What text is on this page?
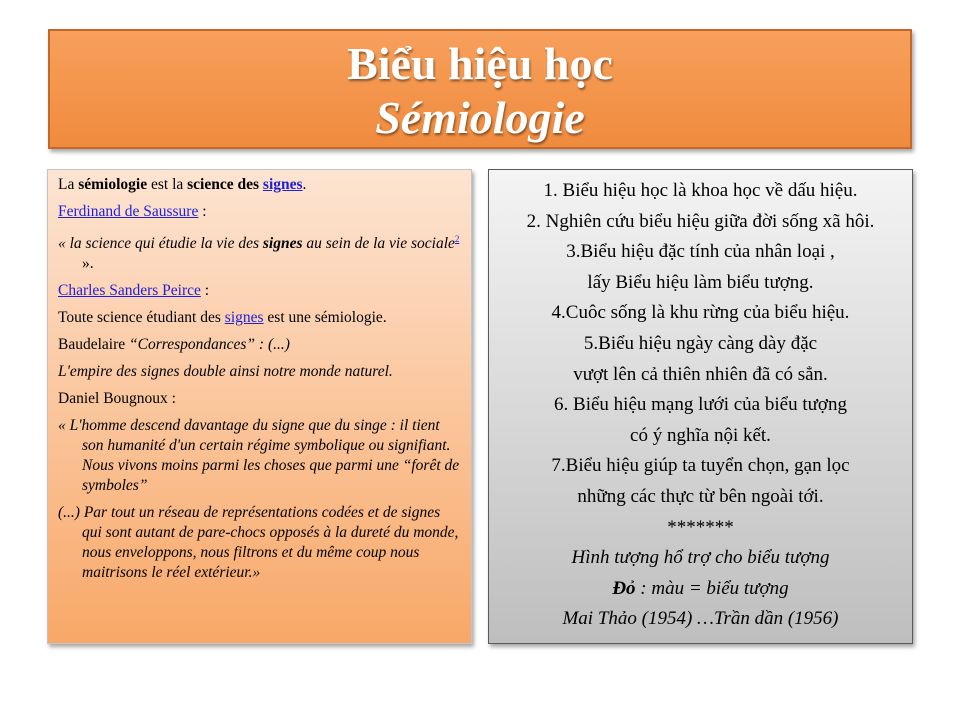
Biểu hiệu học
Sémiologie

La sémiologie est la science des signes.

Ferdinand de Saussure :

« la science qui étudie la vie des signes au sein de la vie sociale$^2$ ».

Charles Sanders Peirce :

Toute science étudiant des signes est une sémiologie.

Baudelaire “Correspondances” : (...)

L'empire des signes double ainsi notre monde naturel.

Daniel Bougnoux :

« L'homme descend davantage du signe que du singe : il tient son humanité d'un certain régime symbolique ou signifiant. Nous vivons moins parmi les choses que parmi une “forêt de symboles”

(...) Par tout un réseau de représentations codées et de signes qui sont autant de pare-chocs opposés à la dureté du monde, nous enveloppons, nous filtrons et du même coup nous maitrisons le réel extérieur.»

1. Biểu hiệu học là khoa học về dấu hiệu.
2. Nghiên cứu biểu hiệu giữa đời sống xã hôi.
3.Biểu hiệu đặc tính của nhân loại ,
lấy Biểu hiệu làm biểu tượng.
4.Cuôc sống là khu rừng của biểu hiệu.
5.Biểu hiệu ngày càng dày đặc
vượt lên cả thiên nhiên đã có sẳn.
6. Biểu hiệu mạng lưới của biểu tượng
có ý nghĩa nội kết.
7.Biểu hiệu giúp ta tuyển chọn, gạn lọc
những các thực từ bên ngoài tới.
*******
Hình tượng hổ trợ cho biểu tượng
Đỏ : màu = biểu tượng
Mai Thảo (1954) …Trần dần (1956)
